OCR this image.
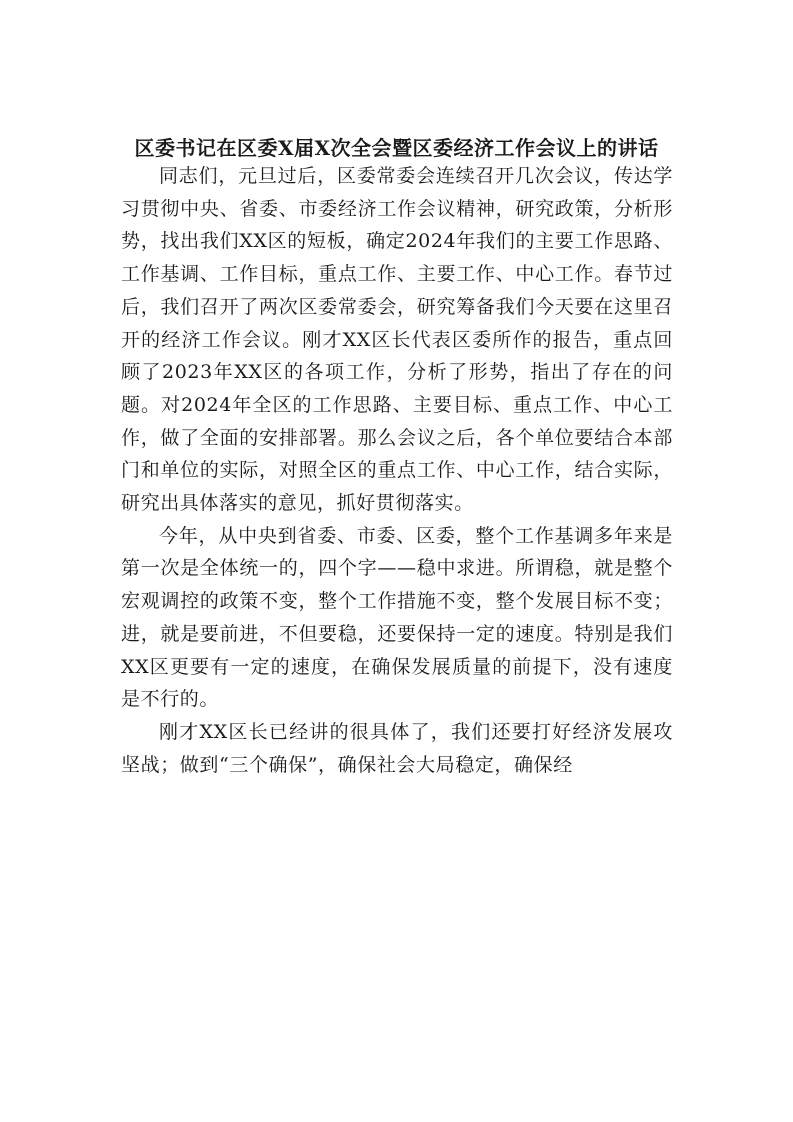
区委书记在区委X届X次全会暨区委经济工作会议上的讲话

同志们，元旦过后，区委常委会连续召开几次会议，传达学习贯彻中央、省委、市委经济工作会议精神，研究政策，分析形势，找出我们XX区的短板，确定2024年我们的主要工作思路、工作基调、工作目标，重点工作、主要工作、中心工作。春节过后，我们召开了两次区委常委会，研究筹备我们今天要在这里召开的经济工作会议。刚才XX区长代表区委所作的报告，重点回顾了2023年XX区的各项工作，分析了形势，指出了存在的问题。对2024年全区的工作思路、主要目标、重点工作、中心工作，做了全面的安排部署。那么会议之后，各个单位要结合本部门和单位的实际，对照全区的重点工作、中心工作，结合实际，研究出具体落实的意见，抓好贯彻落实。

今年，从中央到省委、市委、区委，整个工作基调多年来是第一次是全体统一的，四个字——稳中求进。所谓稳，就是整个宏观调控的政策不变，整个工作措施不变，整个发展目标不变；进，就是要前进，不但要稳，还要保持一定的速度。特别是我们XX区更要有一定的速度，在确保发展质量的前提下，没有速度是不行的。

刚才XX区长已经讲的很具体了，我们还要打好经济发展攻坚战；做到“三个确保”，确保社会大局稳定，确保经
